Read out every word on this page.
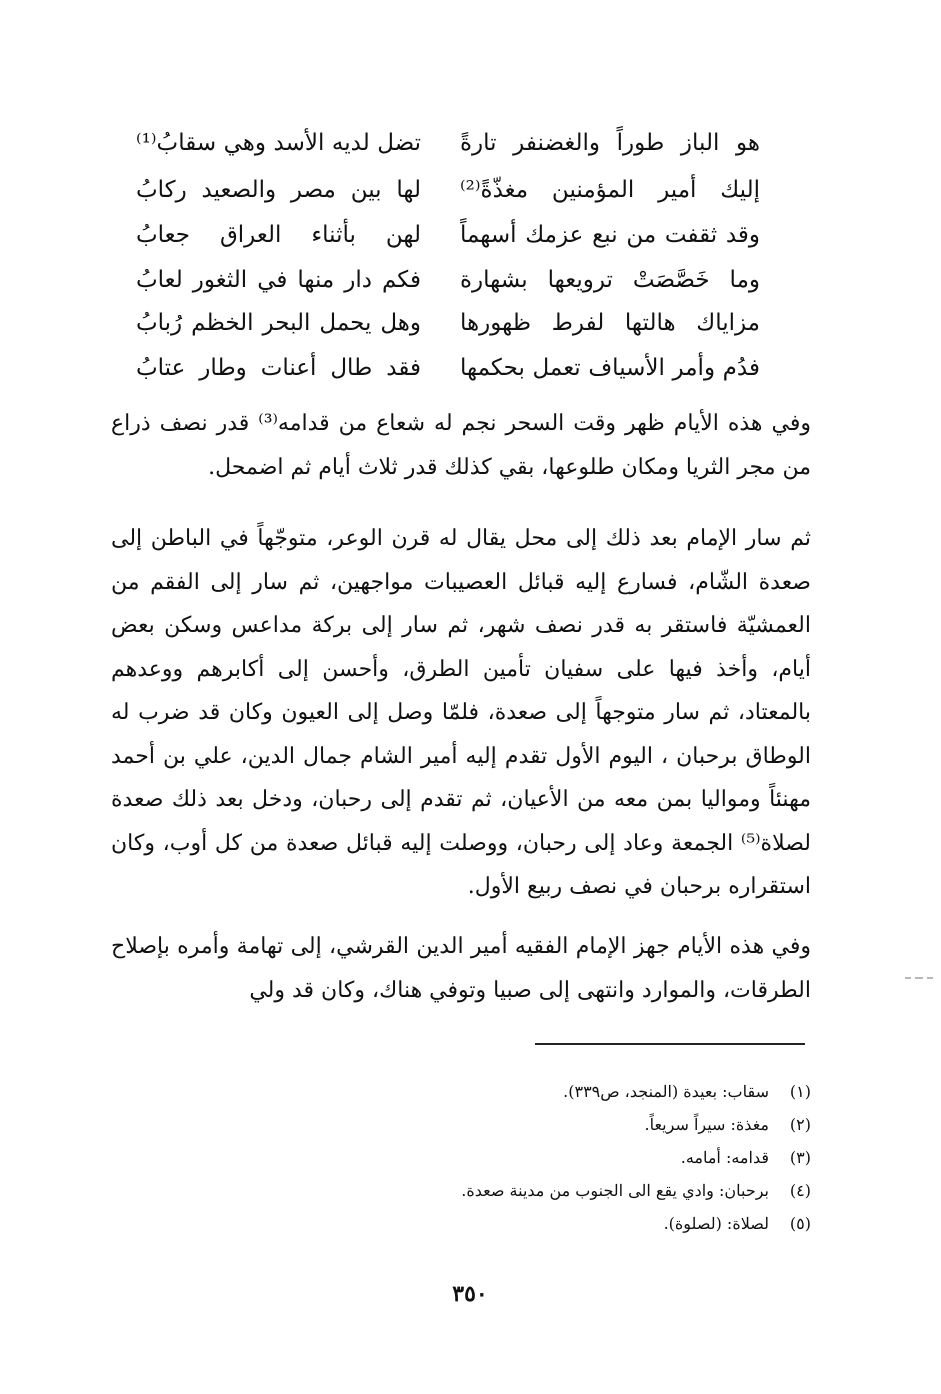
هو الباز طوراً والغضنفر تارةً
تضل لديه الأسد وهي سقابُ⁽¹⁾
إليك أمير المؤمنين مغذّةً⁽²⁾
لها بين مصر والصعيد ركابُ
وقد ثقفت من نبع عزمك أسهماً
لهن بأثناء العراق جعابُ
وما خَصَّصَتْ ترويعها بشهارة
فكم دار منها في الثغور لعابُ
مزاياك هالتها لفرط ظهورها
وهل يحمل البحر الخظم رُبابُ
فدُم وأمر الأسياف تعمل بحكمها
فقد طال أعنات وطار عتابُ

وفي هذه الأيام ظهر وقت السحر نجم له شعاع من قدامه⁽³⁾ قدر نصف ذراع من مجر الثريا ومكان طلوعها، بقي كذلك قدر ثلاث أيام ثم اضمحل.

ثم سار الإمام بعد ذلك إلى محل يقال له قرن الوعر، متوجّهاً في الباطن إلى صعدة الشّام، فسارع إليه قبائل العصيبات مواجهين، ثم سار إلى الفقم من العمشيّة فاستقر به قدر نصف شهر، ثم سار إلى بركة مداعس وسكن بعض أيام، وأخذ فيها على سفيان تأمين الطرق، وأحسن إلى أكابرهم ووعدهم بالمعتاد، ثم سار متوجهاً إلى صعدة، فلمّا وصل إلى العيون وكان قد ضرب له الوطاق برحبان ، اليوم الأول تقدم إليه أمير الشام جمال الدين، علي بن أحمد مهنئاً ومواليا بمن معه من الأعيان، ثم تقدم إلى رحبان، ودخل بعد ذلك صعدة لصلاة⁽⁵⁾ الجمعة وعاد إلى رحبان، ووصلت إليه قبائل صعدة من كل أوب، وكان استقراره برحبان في نصف ربيع الأول.

وفي هذه الأيام جهز الإمام الفقيه أمير الدين القرشي، إلى تهامة وأمره بإصلاح الطرقات، والموارد وانتهى إلى صبيا وتوفي هناك، وكان قد ولي

(١)
سقاب: بعيدة (المنجد، ص٣٣٩).
(٢)
مغذة: سيراً سريعاً.
(٣)
قدامه: أمامه.
(٤)
برحبان: وادي يقع الى الجنوب من مدينة صعدة.
(٥)
لصلاة: (لصلوة).
٣٥٠
